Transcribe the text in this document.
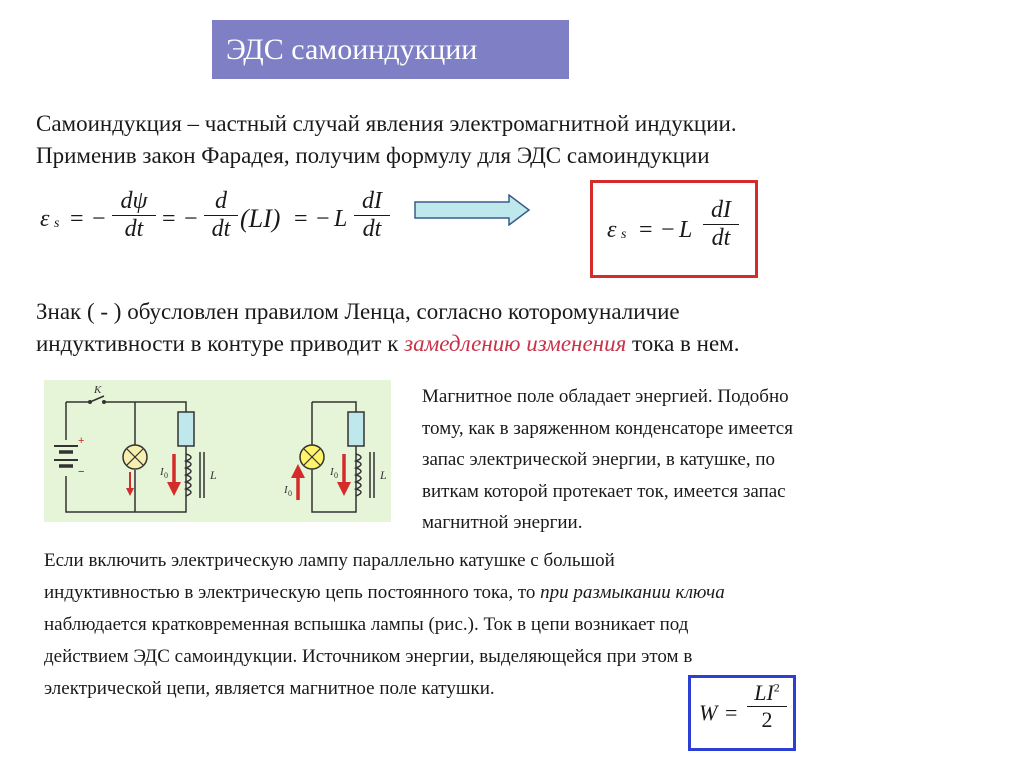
ЭДС самоиндукции
Самоиндукция – частный случай явления электромагнитной индукции.
Применив закон Фарадея, получим формулу для ЭДС самоиндукции
ε s = −
dψ
dt = −
d
dt (LI) = − L
dI
dt	ε s = − L
dI
dt
Знак ( - ) обусловлен правилом Ленца, согласно которомуналичие
индуктивности в контуре приводит к замедлению изменения тока в нем.
K
+
−	I 0	L
I 0
I 0	L
Магнитное поле обладает энергией. Подобно
тому, как в заряженном конденсаторе имеется
запас электрической энергии, в катушке, по
виткам которой протекает ток, имеется запас
магнитной энергии.
Если включить электрическую лампу параллельно катушке с большой
индуктивностью в электрическую цепь постоянного тока, то при размыкании ключа
наблюдается кратковременная вспышка лампы (рис.). Ток в цепи возникает под
действием ЭДС самоиндукции. Источником энергии, выделяющейся при этом в
электрической цепи, является магнитное поле катушки.
W =
$LI^2$
2
